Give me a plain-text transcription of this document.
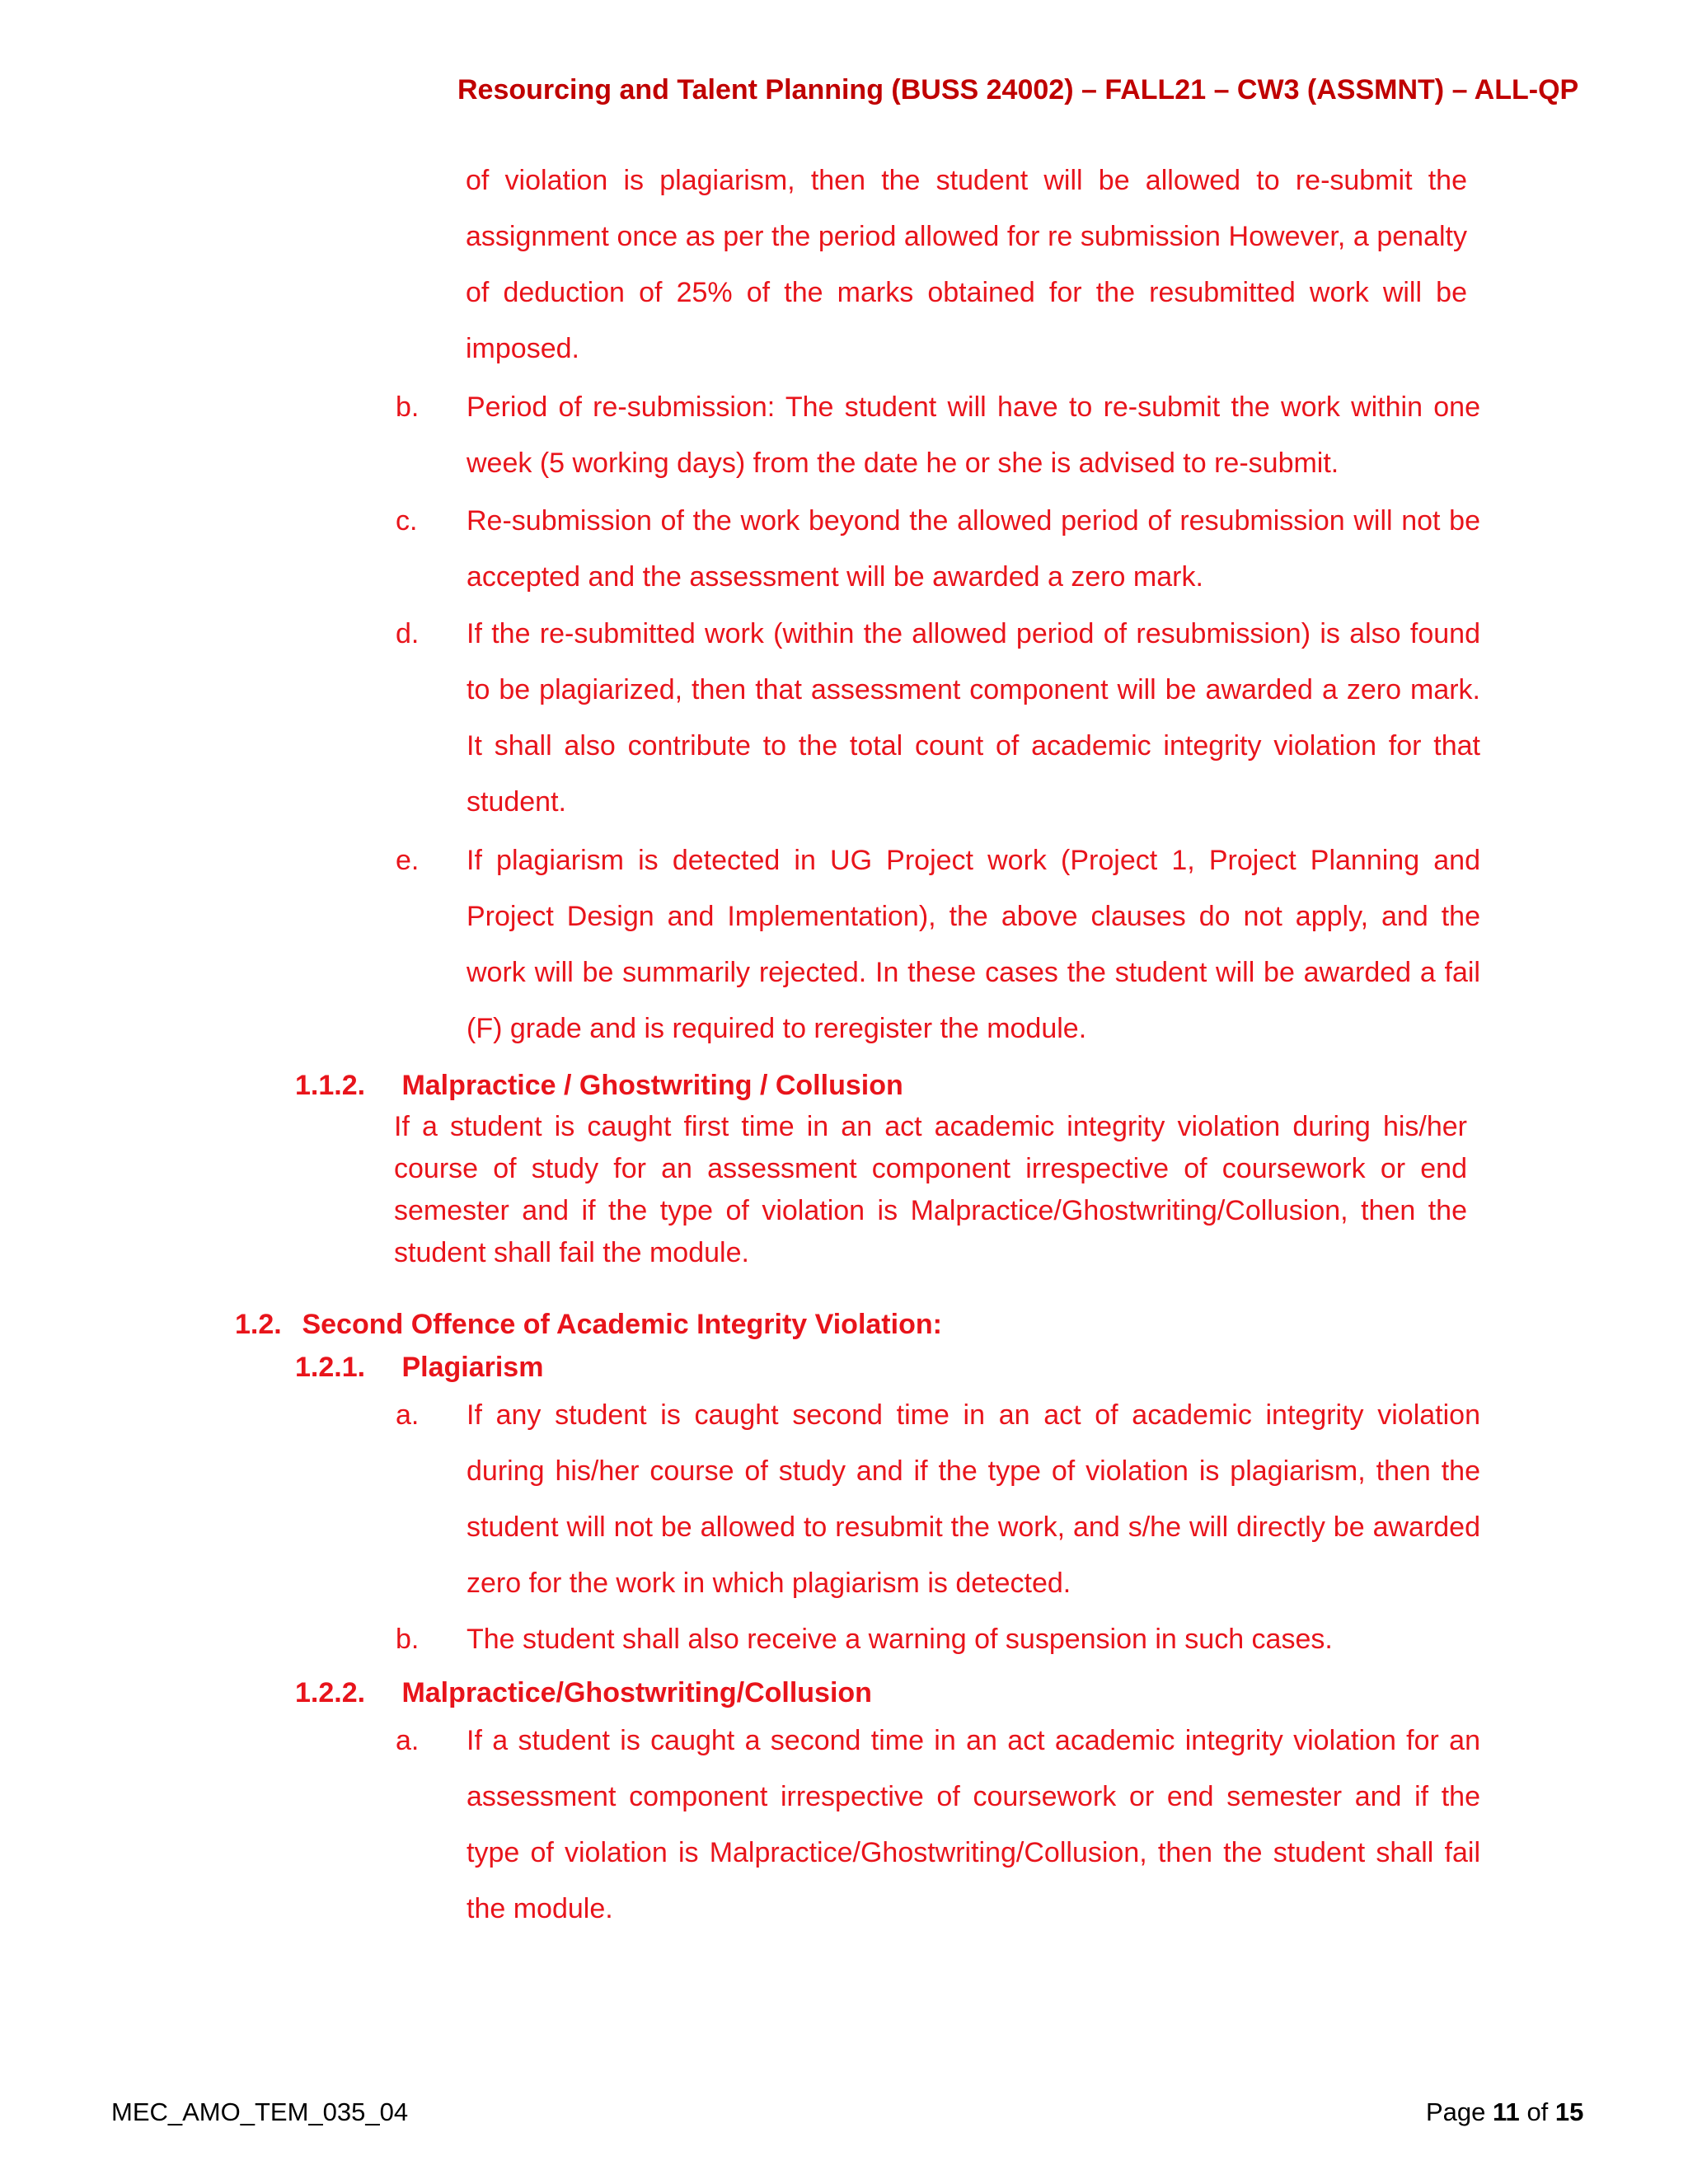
Resourcing and Talent Planning (BUSS 24002) – FALL21 – CW3 (ASSMNT) – ALL-QP
of violation is plagiarism, then the student will be allowed to re-submit the assignment once as per the period allowed for re submission However, a penalty of deduction of 25% of the marks obtained for the resubmitted work will be imposed.
b. Period of re-submission: The student will have to re-submit the work within one week (5 working days) from the date he or she is advised to re-submit.
c. Re-submission of the work beyond the allowed period of resubmission will not be accepted and the assessment will be awarded a zero mark.
d. If the re-submitted work (within the allowed period of resubmission) is also found to be plagiarized, then that assessment component will be awarded a zero mark. It shall also contribute to the total count of academic integrity violation for that student.
e. If plagiarism is detected in UG Project work (Project 1, Project Planning and Project Design and Implementation), the above clauses do not apply, and the work will be summarily rejected. In these cases the student will be awarded a fail (F) grade and is required to reregister the module.
1.1.2. Malpractice / Ghostwriting / Collusion
If a student is caught first time in an act academic integrity violation during his/her course of study for an assessment component irrespective of coursework or end semester and if the type of violation is Malpractice/Ghostwriting/Collusion, then the student shall fail the module.
1.2. Second Offence of Academic Integrity Violation:
1.2.1. Plagiarism
a. If any student is caught second time in an act of academic integrity violation during his/her course of study and if the type of violation is plagiarism, then the student will not be allowed to resubmit the work, and s/he will directly be awarded zero for the work in which plagiarism is detected.
b. The student shall also receive a warning of suspension in such cases.
1.2.2. Malpractice/Ghostwriting/Collusion
a. If a student is caught a second time in an act academic integrity violation for an assessment component irrespective of coursework or end semester and if the type of violation is Malpractice/Ghostwriting/Collusion, then the student shall fail the module.
MEC_AMO_TEM_035_04	Page 11 of 15
